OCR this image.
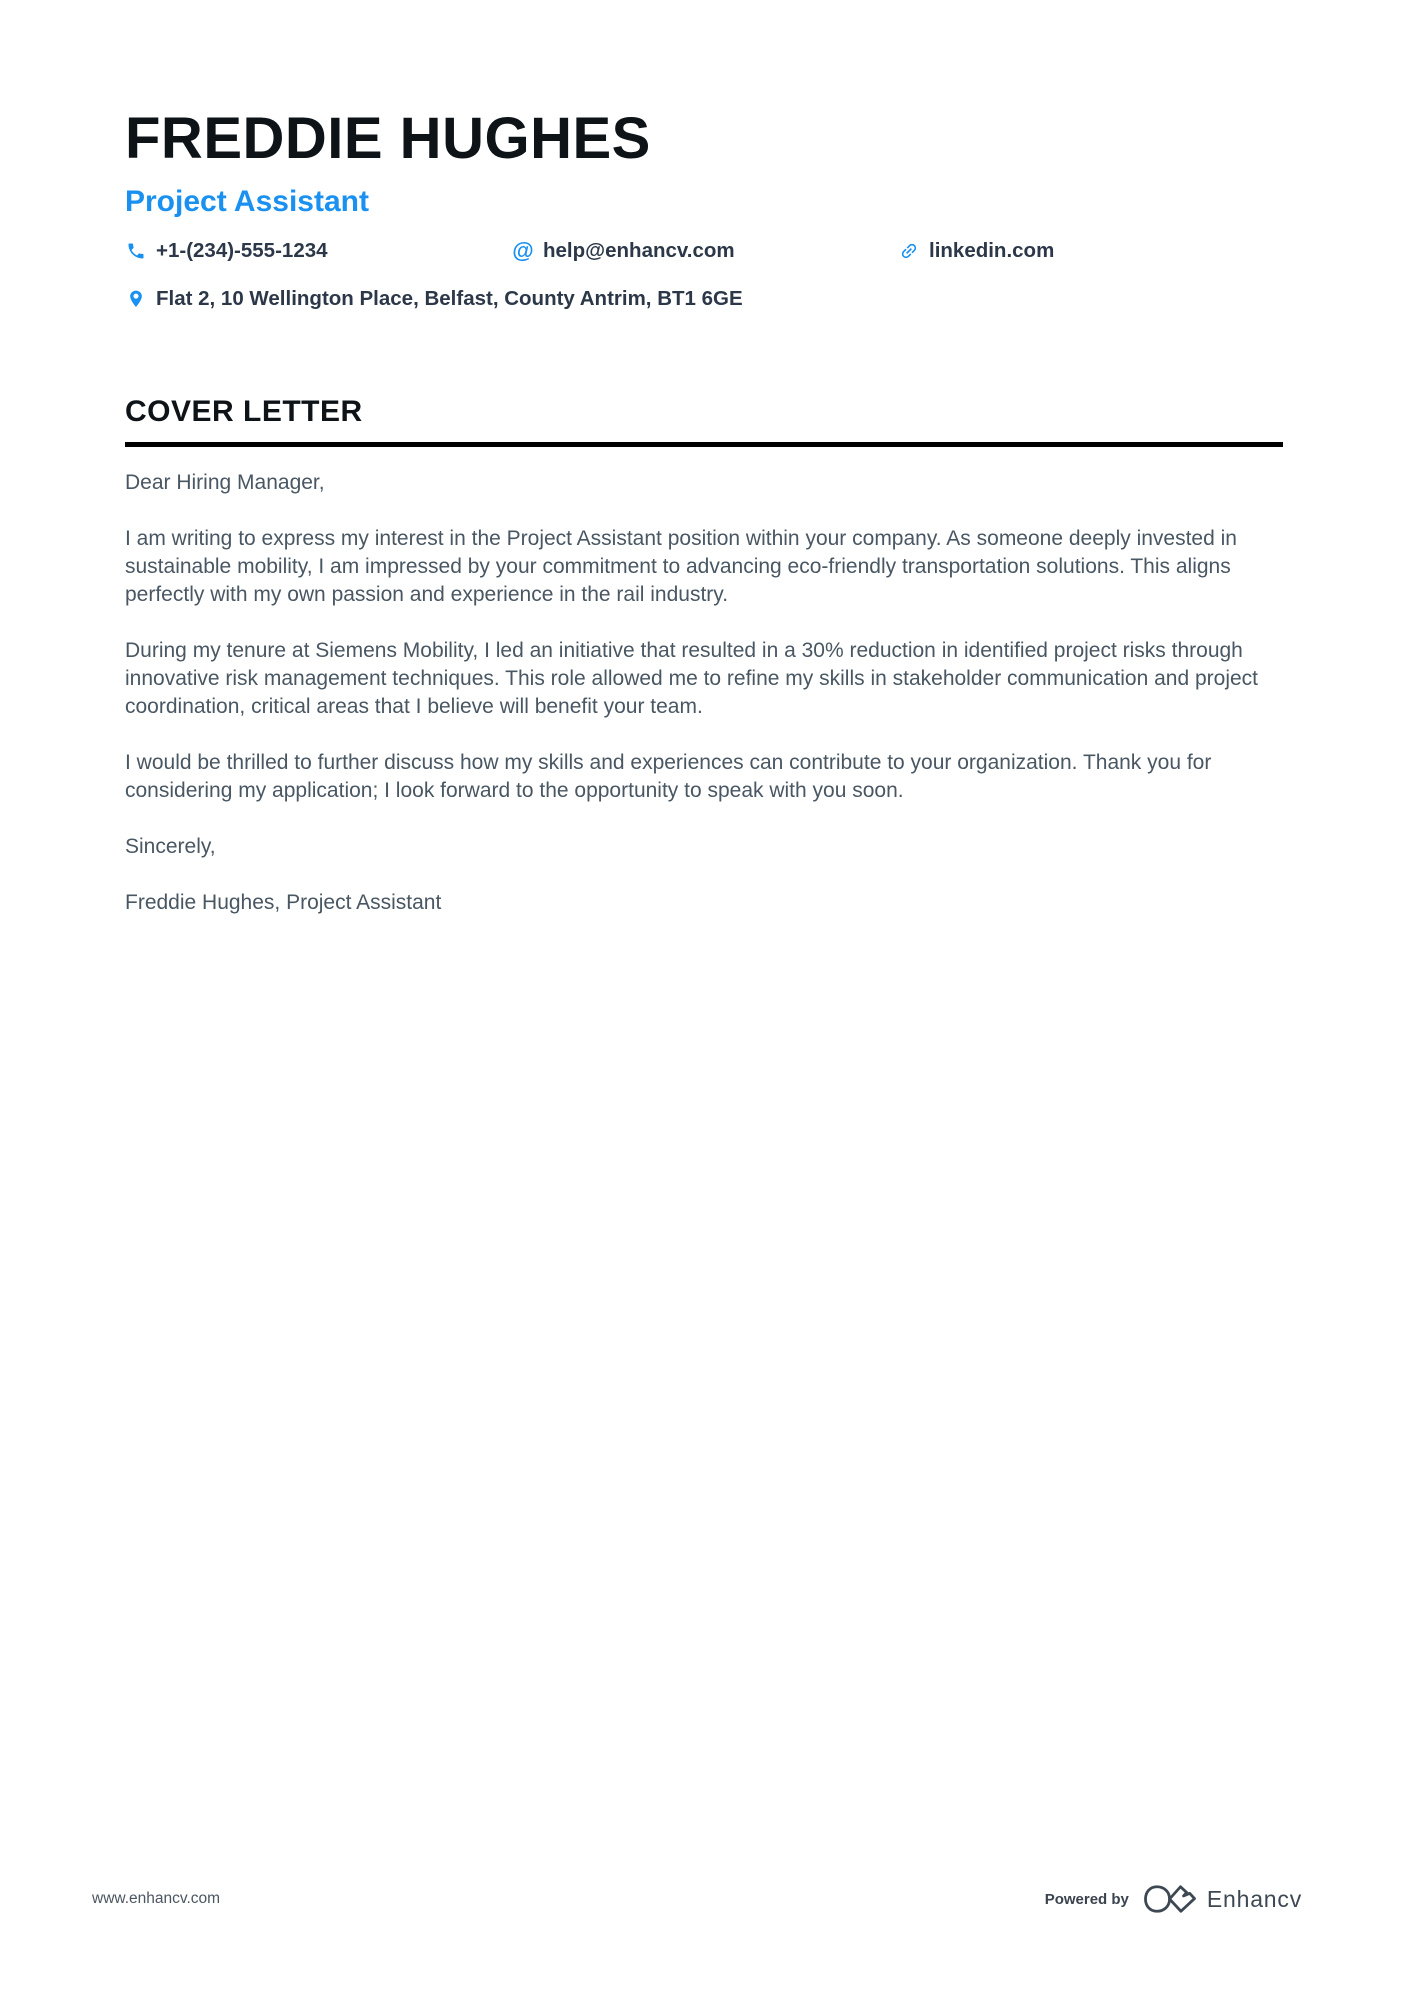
FREDDIE HUGHES
Project Assistant
+1-(234)-555-1234	@ help@enhancv.com	linkedin.com
Flat 2, 10 Wellington Place, Belfast, County Antrim, BT1 6GE
COVER LETTER

Dear Hiring Manager,

I am writing to express my interest in the Project Assistant position within your company. As someone deeply invested in sustainable mobility, I am impressed by your commitment to advancing eco-friendly transportation solutions. This aligns perfectly with my own passion and experience in the rail industry.

During my tenure at Siemens Mobility, I led an initiative that resulted in a 30% reduction in identified project risks through innovative risk management techniques. This role allowed me to refine my skills in stakeholder communication and project coordination, critical areas that I believe will benefit your team.

I would be thrilled to further discuss how my skills and experiences can contribute to your organization. Thank you for considering my application; I look forward to the opportunity to speak with you soon.

Sincerely,

Freddie Hughes, Project Assistant

www.enhancv.com	Powered by	Enhancv
